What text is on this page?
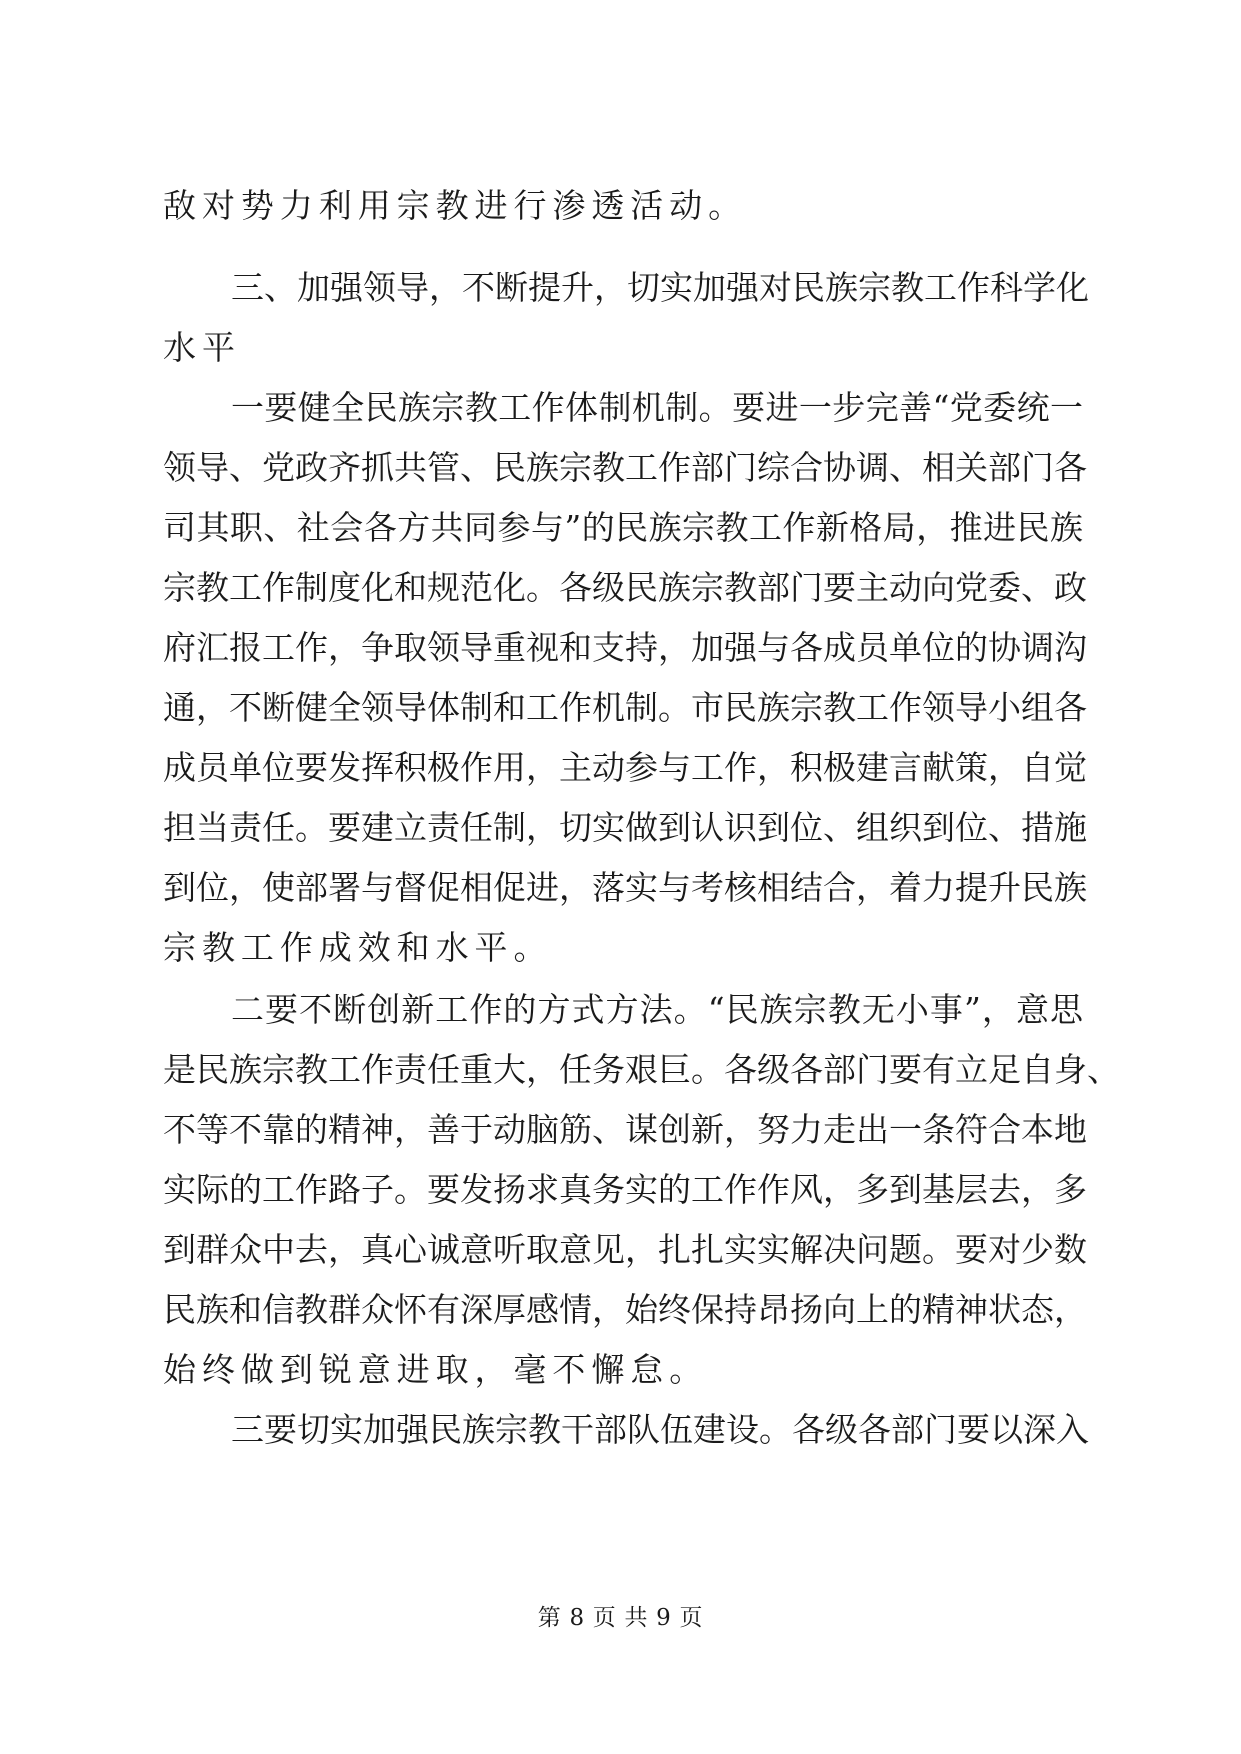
敌对势力利用宗教进行渗透活动。
三、加强领导，不断提升，切实加强对民族宗教工作科学化
水平
一要健全民族宗教工作体制机制。要进一步完善“党委统一
领导、党政齐抓共管、民族宗教工作部门综合协调、相关部门各
司其职、社会各方共同参与”的民族宗教工作新格局，推进民族
宗教工作制度化和规范化。各级民族宗教部门要主动向党委、政
府汇报工作，争取领导重视和支持，加强与各成员单位的协调沟
通，不断健全领导体制和工作机制。市民族宗教工作领导小组各
成员单位要发挥积极作用，主动参与工作，积极建言献策，自觉
担当责任。要建立责任制，切实做到认识到位、组织到位、措施
到位，使部署与督促相促进，落实与考核相结合，着力提升民族
宗教工作成效和水平。
二要不断创新工作的方式方法。“民族宗教无小事”，意思
是民族宗教工作责任重大，任务艰巨。各级各部门要有立足自身、
不等不靠的精神，善于动脑筋、谋创新，努力走出一条符合本地
实际的工作路子。要发扬求真务实的工作作风，多到基层去，多
到群众中去，真心诚意听取意见，扎扎实实解决问题。要对少数
民族和信教群众怀有深厚感情，始终保持昂扬向上的精神状态，
始终做到锐意进取，毫不懈怠。
三要切实加强民族宗教干部队伍建设。各级各部门要以深入
第 8 页 共 9 页
